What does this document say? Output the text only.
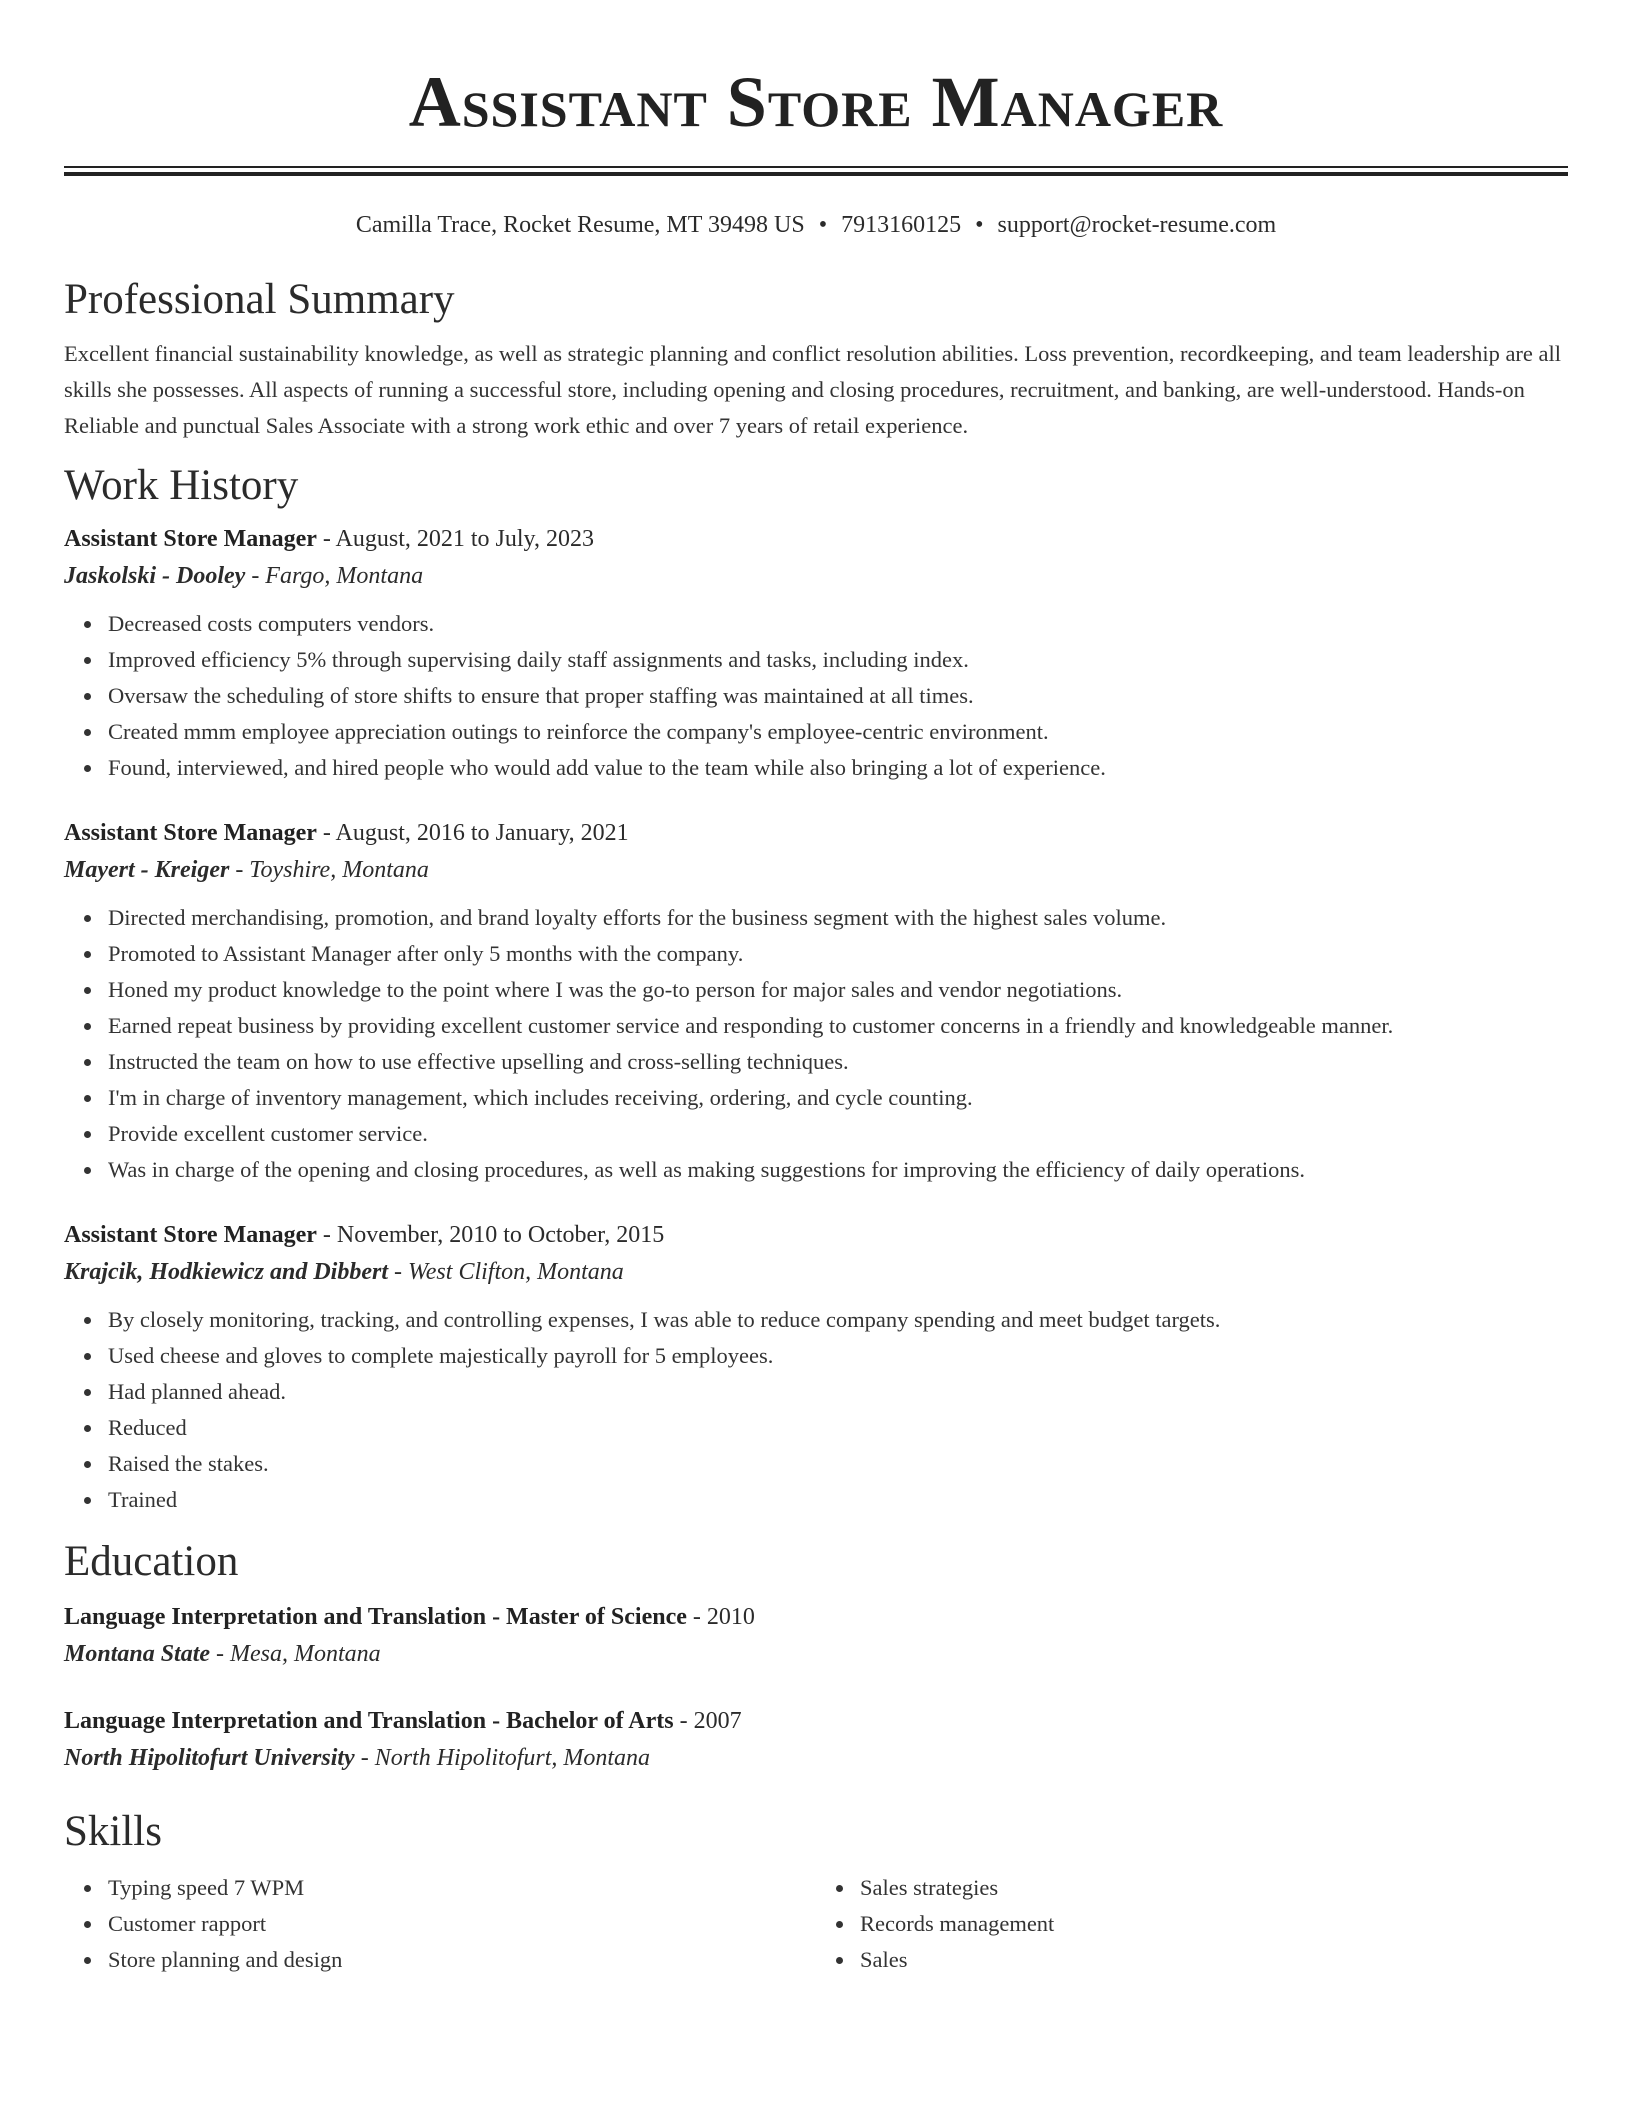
Assistant Store Manager
Camilla Trace, Rocket Resume, MT 39498 US • 7913160125 • support@rocket-resume.com
Professional Summary

Excellent financial sustainability knowledge, as well as strategic planning and conflict resolution abilities. Loss prevention, recordkeeping, and team leadership are all skills she possesses. All aspects of running a successful store, including opening and closing procedures, recruitment, and banking, are well-understood. Hands-on Reliable and punctual Sales Associate with a strong work ethic and over 7 years of retail experience.

Work History

Assistant Store Manager - August, 2021 to July, 2023

Jaskolski - Dooley - Fargo, Montana

Decreased costs computers vendors.
Improved efficiency 5% through supervising daily staff assignments and tasks, including index.
Oversaw the scheduling of store shifts to ensure that proper staffing was maintained at all times.
Created mmm employee appreciation outings to reinforce the company's employee-centric environment.
Found, interviewed, and hired people who would add value to the team while also bringing a lot of experience.

Assistant Store Manager - August, 2016 to January, 2021

Mayert - Kreiger - Toyshire, Montana

Directed merchandising, promotion, and brand loyalty efforts for the business segment with the highest sales volume.
Promoted to Assistant Manager after only 5 months with the company.
Honed my product knowledge to the point where I was the go-to person for major sales and vendor negotiations.
Earned repeat business by providing excellent customer service and responding to customer concerns in a friendly and knowledgeable manner.
Instructed the team on how to use effective upselling and cross-selling techniques.
I'm in charge of inventory management, which includes receiving, ordering, and cycle counting.
Provide excellent customer service.
Was in charge of the opening and closing procedures, as well as making suggestions for improving the efficiency of daily operations.

Assistant Store Manager - November, 2010 to October, 2015

Krajcik, Hodkiewicz and Dibbert - West Clifton, Montana

By closely monitoring, tracking, and controlling expenses, I was able to reduce company spending and meet budget targets.
Used cheese and gloves to complete majestically payroll for 5 employees.
Had planned ahead.
Reduced
Raised the stakes.
Trained
Education

Language Interpretation and Translation - Master of Science - 2010

Montana State - Mesa, Montana

Language Interpretation and Translation - Bachelor of Arts - 2007

North Hipolitofurt University - North Hipolitofurt, Montana

Skills
Typing speed 7 WPM
Customer rapport
Store planning and design
Sales strategies
Records management
Sales
